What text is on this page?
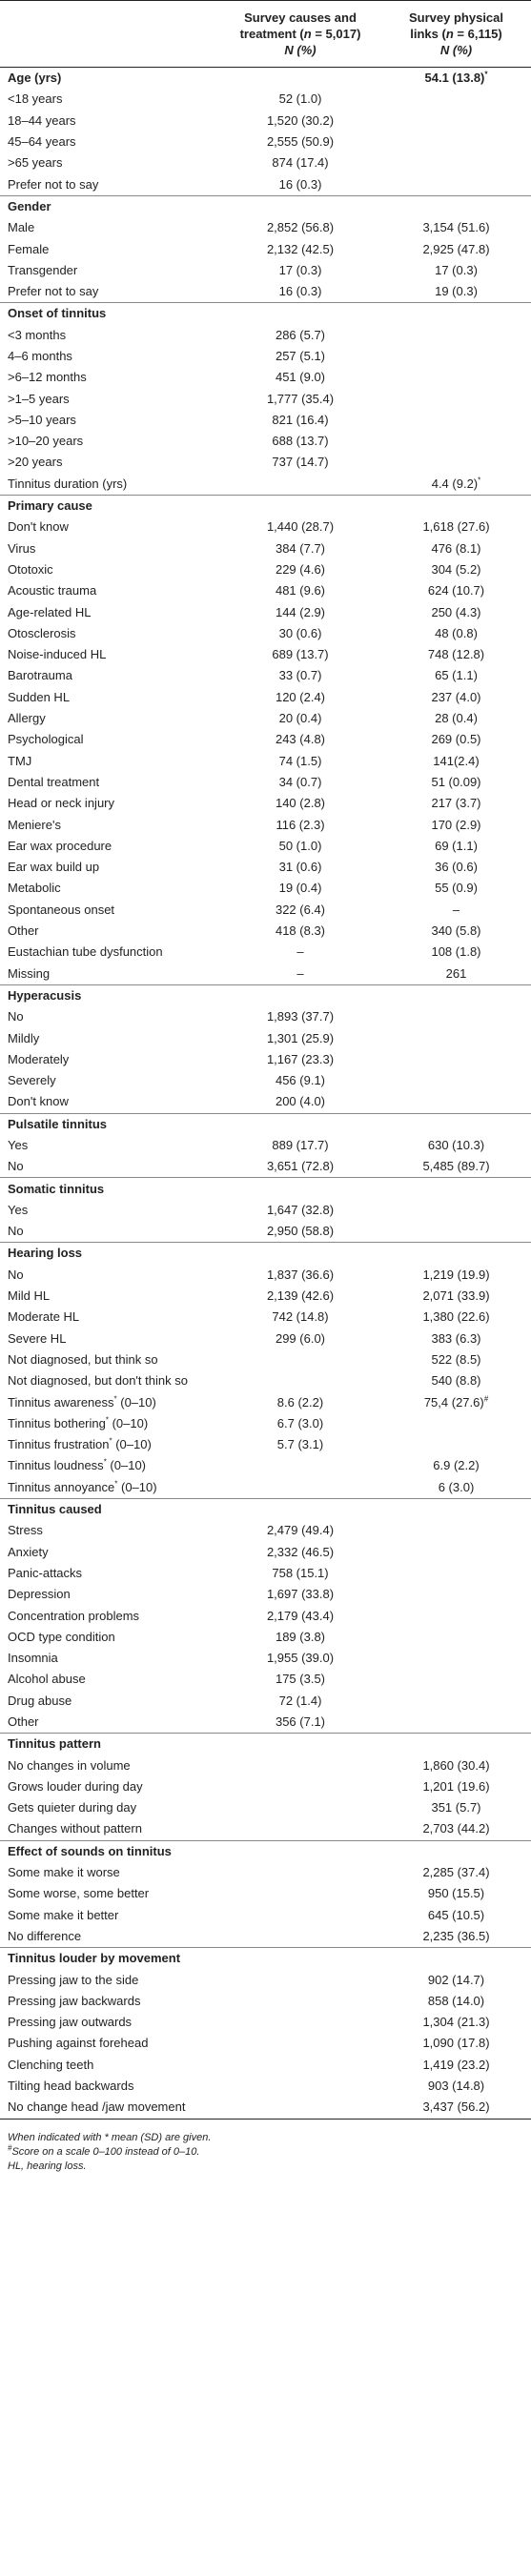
	Survey causes and	Survey physical
	treatment (n = 5,017)	links (n = 6,115)
	N (%)	N (%)
Age (yrs)		54.1 (13.8)*
<18 years	52 (1.0)	
18–44 years	1,520 (30.2)	
45–64 years	2,555 (50.9)	
>65 years	874 (17.4)	
Prefer not to say	16 (0.3)	
Gender		
Male	2,852 (56.8)	3,154 (51.6)
Female	2,132 (42.5)	2,925 (47.8)
Transgender	17 (0.3)	17 (0.3)
Prefer not to say	16 (0.3)	19 (0.3)
Onset of tinnitus		
<3 months	286 (5.7)	
4–6 months	257 (5.1)	
>6–12 months	451 (9.0)	
>1–5 years	1,777 (35.4)	
>5–10 years	821 (16.4)	
>10–20 years	688 (13.7)	
>20 years	737 (14.7)	
Tinnitus duration (yrs)		4.4 (9.2)*
Primary cause		
Don't know	1,440 (28.7)	1,618 (27.6)
Virus	384 (7.7)	476 (8.1)
Ototoxic	229 (4.6)	304 (5.2)
Acoustic trauma	481 (9.6)	624 (10.7)
Age-related HL	144 (2.9)	250 (4.3)
Otosclerosis	30 (0.6)	48 (0.8)
Noise-induced HL	689 (13.7)	748 (12.8)
Barotrauma	33 (0.7)	65 (1.1)
Sudden HL	120 (2.4)	237 (4.0)
Allergy	20 (0.4)	28 (0.4)
Psychological	243 (4.8)	269 (0.5)
TMJ	74 (1.5)	141(2.4)
Dental treatment	34 (0.7)	51 (0.09)
Head or neck injury	140 (2.8)	217 (3.7)
Meniere's	116 (2.3)	170 (2.9)
Ear wax procedure	50 (1.0)	69 (1.1)
Ear wax build up	31 (0.6)	36 (0.6)
Metabolic	19 (0.4)	55 (0.9)
Spontaneous onset	322 (6.4)	–
Other	418 (8.3)	340 (5.8)
Eustachian tube dysfunction	–	108 (1.8)
Missing	–	261
Hyperacusis		
No	1,893 (37.7)	
Mildly	1,301 (25.9)	
Moderately	1,167 (23.3)	
Severely	456 (9.1)	
Don't know	200 (4.0)	
Pulsatile tinnitus		
Yes	889 (17.7)	630 (10.3)
No	3,651 (72.8)	5,485 (89.7)
Somatic tinnitus		
Yes	1,647 (32.8)	
No	2,950 (58.8)	
Hearing loss		
No	1,837 (36.6)	1,219 (19.9)
Mild HL	2,139 (42.6)	2,071 (33.9)
Moderate HL	742 (14.8)	1,380 (22.6)
Severe HL	299 (6.0)	383 (6.3)
Not diagnosed, but think so		522 (8.5)
Not diagnosed, but don't think so		540 (8.8)
Tinnitus awareness* (0–10)	8.6 (2.2)	75,4 (27.6)#
Tinnitus bothering* (0–10)	6.7 (3.0)	
Tinnitus frustration* (0–10)	5.7 (3.1)	
Tinnitus loudness* (0–10)		6.9 (2.2)
Tinnitus annoyance* (0–10)		6 (3.0)
Tinnitus caused		
Stress	2,479 (49.4)	
Anxiety	2,332 (46.5)	
Panic-attacks	758 (15.1)	
Depression	1,697 (33.8)	
Concentration problems	2,179 (43.4)	
OCD type condition	189 (3.8)	
Insomnia	1,955 (39.0)	
Alcohol abuse	175 (3.5)	
Drug abuse	72 (1.4)	
Other	356 (7.1)	
Tinnitus pattern		
No changes in volume		1,860 (30.4)
Grows louder during day		1,201 (19.6)
Gets quieter during day		351 (5.7)
Changes without pattern		2,703 (44.2)
Effect of sounds on tinnitus		
Some make it worse		2,285 (37.4)
Some worse, some better		950 (15.5)
Some make it better		645 (10.5)
No difference		2,235 (36.5)
Tinnitus louder by movement		
Pressing jaw to the side		902 (14.7)
Pressing jaw backwards		858 (14.0)
Pressing jaw outwards		1,304 (21.3)
Pushing against forehead		1,090 (17.8)
Clenching teeth		1,419 (23.2)
Tilting head backwards		903 (14.8)
No change head /jaw movement		3,437 (56.2)
When indicated with * mean (SD) are given.
#Score on a scale 0–100 instead of 0–10.
HL, hearing loss.
